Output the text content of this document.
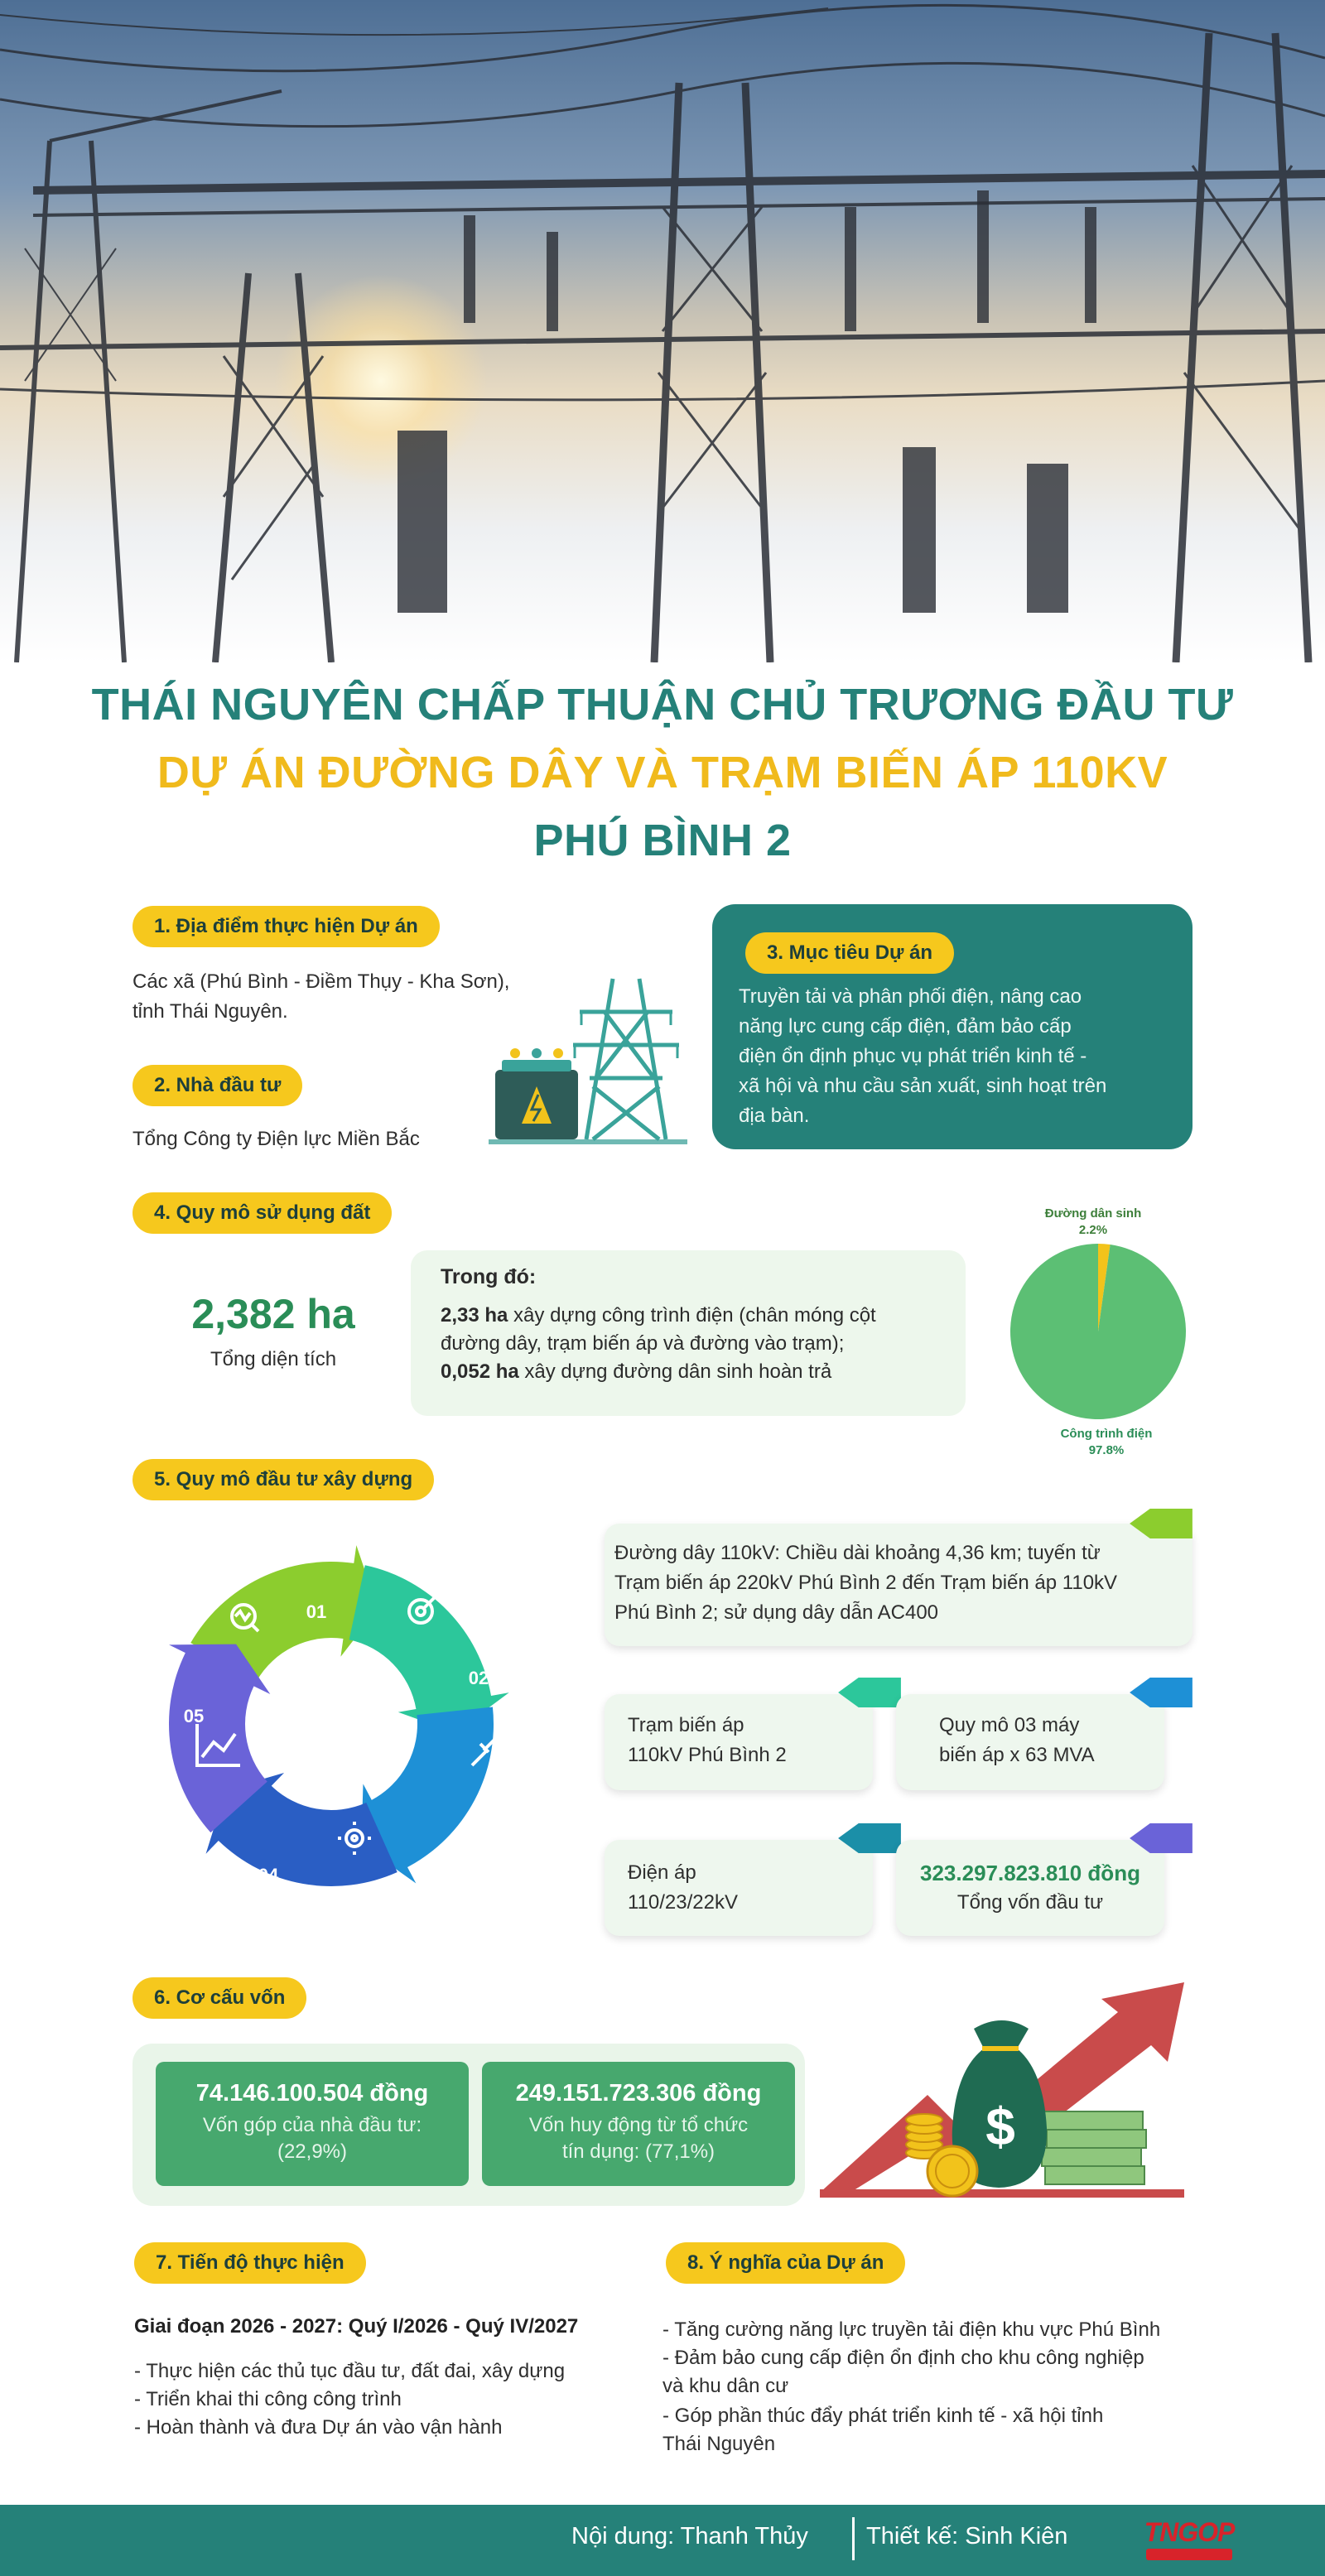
THÁI NGUYÊN CHẤP THUẬN CHỦ TRƯƠNG ĐẦU TƯ
DỰ ÁN ĐƯỜNG DÂY VÀ TRẠM BIẾN ÁP 110KV
PHÚ BÌNH 2
1. Địa điểm thực hiện Dự án
Các xã (Phú Bình - Điềm Thụy - Kha Sơn),
tỉnh Thái Nguyên.
2. Nhà đầu tư
Tổng Công ty Điện lực Miền Bắc
3. Mục tiêu Dự án
Truyền tải và phân phối điện, nâng cao
năng lực cung cấp điện, đảm bảo cấp
điện ổn định phục vụ phát triển kinh tế -
xã hội và nhu cầu sản xuất, sinh hoạt trên
địa bàn.
4. Quy mô sử dụng đất
2,382 ha
Tổng diện tích
Trong đó:
2,33 ha xây dựng công trình điện (chân móng cột
đường dây, trạm biến áp và đường vào trạm);
0,052 ha xây dựng đường dân sinh hoàn trả
Đường dân sinh
2.2%
Công trình điện
97.8%
5. Quy mô đầu tư xây dựng
01
02
03
04
05
Đường dây 110kV: Chiều dài khoảng 4,36 km; tuyến từ
Trạm biến áp 220kV Phú Bình 2 đến Trạm biến áp 110kV
Phú Bình 2; sử dụng dây dẫn AC400
Trạm biến áp
110kV Phú Bình 2
Quy mô 03 máy
biến áp x 63 MVA
Điện áp
110/23/22kV
323.297.823.810 đồng
Tổng vốn đầu tư
6. Cơ cấu vốn
74.146.100.504 đồng
Vốn góp của nhà đầu tư:
(22,9%)
249.151.723.306 đồng
Vốn huy động từ tổ chức
tín dụng: (77,1%)	$
7. Tiến độ thực hiện
Giai đoạn 2026 - 2027: Quý I/2026 - Quý IV/2027
- Thực hiện các thủ tục đầu tư, đất đai, xây dựng
- Triển khai thi công công trình
- Hoàn thành và đưa Dự án vào vận hành
8. Ý nghĩa của Dự án
- Tăng cường năng lực truyền tải điện khu vực Phú Bình
- Đảm bảo cung cấp điện ổn định cho khu công nghiệp
và khu dân cư
- Góp phần thúc đẩy phát triển kinh tế - xã hội tỉnh
Thái Nguyên
Nội dung: Thanh Thủy Thiết kế: Sinh Kiên	TNGOP
